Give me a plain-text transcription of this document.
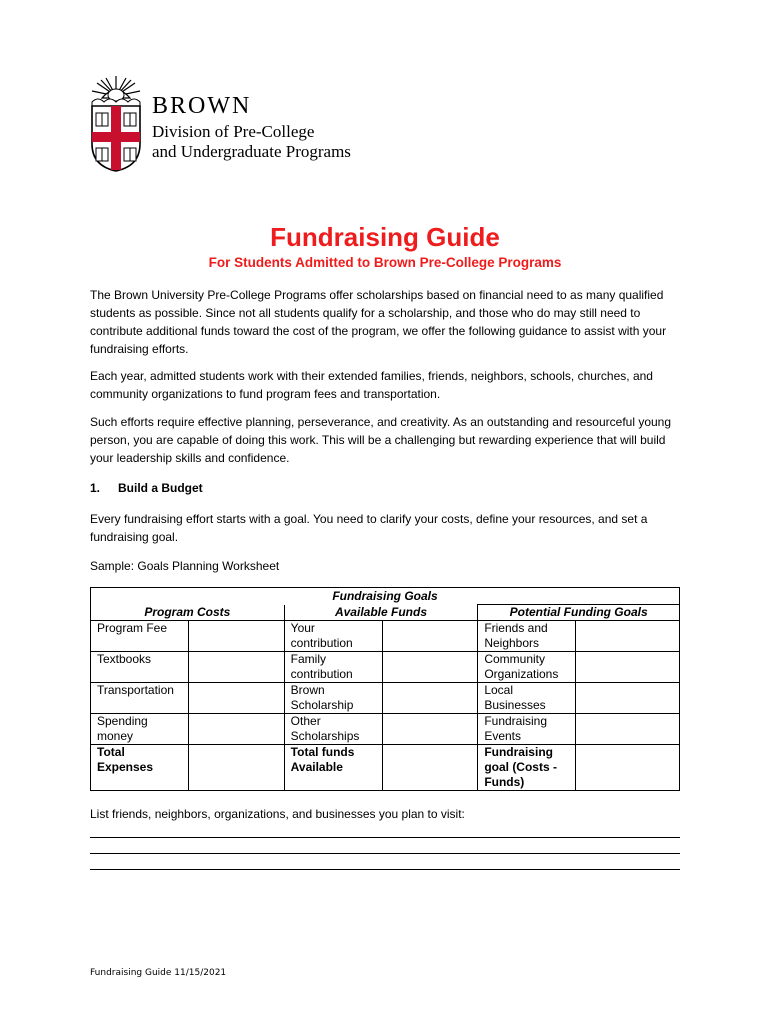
BROWN
Division of Pre-College
and Undergraduate Programs
Fundraising Guide
For Students Admitted to Brown Pre-College Programs
The Brown University Pre-College Programs offer scholarships based on financial need to as many qualified students as possible. Since not all students qualify for a scholarship, and those who do may still need to contribute additional funds toward the cost of the program, we offer the following guidance to assist with your fundraising efforts.
Each year, admitted students work with their extended families, friends, neighbors, schools, churches, and community organizations to fund program fees and transportation.
Such efforts require effective planning, perseverance, and creativity. As an outstanding and resourceful young person, you are capable of doing this work. This will be a challenging but rewarding experience that will build your leadership skills and confidence.
1. Build a Budget
Every fundraising effort starts with a goal. You need to clarify your costs, define your resources, and set a fundraising goal.
Sample: Goals Planning Worksheet
Fundraising Goals					
Program Costs		Available Funds		Potential Funding Goals	
Program Fee		Your contribution		Friends and Neighbors	
Textbooks		Family contribution		Community Organizations	
Transportation		Brown Scholarship		Local Businesses	
Spending money		Other Scholarships		Fundraising Events	
Total Expenses		Total funds Available		Fundraising goal (Costs - Funds)	
List friends, neighbors, organizations, and businesses you plan to visit:
Fundraising Guide 11/15/2021
